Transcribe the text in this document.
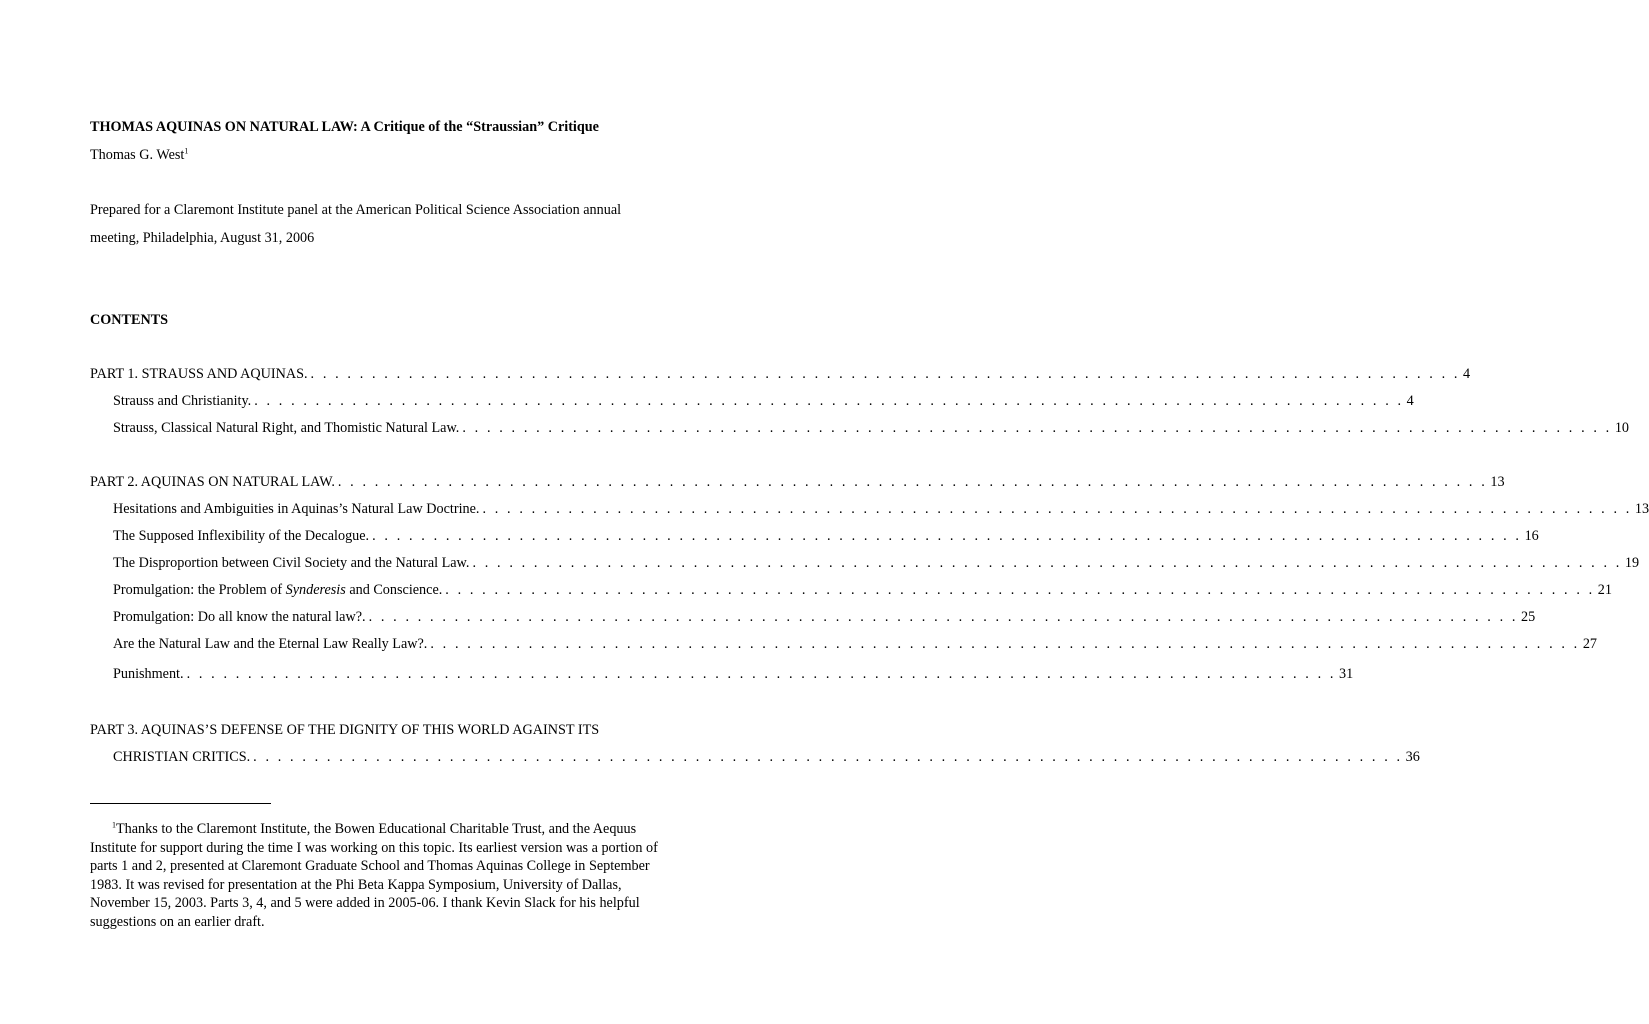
THOMAS AQUINAS ON NATURAL LAW: A Critique of the “Straussian” Critique
Thomas G. West$^1$
Prepared for a Claremont Institute panel at the American Political Science Association annual
meeting, Philadelphia, August 31, 2006
CONTENTS
PART 1. STRAUSS AND AQUINAS. . . . . . . . . . . . . . . . . . . . . . . . . . . . . . . . . . . . . . . . . . . . . . . . . . . . . . . . . . . . . . . . . . . . . . . . . . . . . . . . . . . . . . . . . . . . . . . 4
Strauss and Christianity. . . . . . . . . . . . . . . . . . . . . . . . . . . . . . . . . . . . . . . . . . . . . . . . . . . . . . . . . . . . . . . . . . . . . . . . . . . . . . . . . . . . . . . . . . . . . . . 4
Strauss, Classical Natural Right, and Thomistic Natural Law. . . . . . . . . . . . . . . . . . . . . . . . . . . . . . . . . . . . . . . . . . . . . . . . . . . . . . . . . . . . . . . . . . . . . . . . . . . . . . . . . . . . . . . . . . . . . . . 10
PART 2. AQUINAS ON NATURAL LAW. . . . . . . . . . . . . . . . . . . . . . . . . . . . . . . . . . . . . . . . . . . . . . . . . . . . . . . . . . . . . . . . . . . . . . . . . . . . . . . . . . . . . . . . . . . . . . . 13
Hesitations and Ambiguities in Aquinas’s Natural Law Doctrine. . . . . . . . . . . . . . . . . . . . . . . . . . . . . . . . . . . . . . . . . . . . . . . . . . . . . . . . . . . . . . . . . . . . . . . . . . . . . . . . . . . . . . . . . . . . . . . 13
The Supposed Inflexibility of the Decalogue. . . . . . . . . . . . . . . . . . . . . . . . . . . . . . . . . . . . . . . . . . . . . . . . . . . . . . . . . . . . . . . . . . . . . . . . . . . . . . . . . . . . . . . . . . . . . . . 16
The Disproportion between Civil Society and the Natural Law. . . . . . . . . . . . . . . . . . . . . . . . . . . . . . . . . . . . . . . . . . . . . . . . . . . . . . . . . . . . . . . . . . . . . . . . . . . . . . . . . . . . . . . . . . . . . . . 19
Promulgation: the Problem of Synderesis and Conscience. . . . . . . . . . . . . . . . . . . . . . . . . . . . . . . . . . . . . . . . . . . . . . . . . . . . . . . . . . . . . . . . . . . . . . . . . . . . . . . . . . . . . . . . . . . . . . . 21
Promulgation: Do all know the natural law?. . . . . . . . . . . . . . . . . . . . . . . . . . . . . . . . . . . . . . . . . . . . . . . . . . . . . . . . . . . . . . . . . . . . . . . . . . . . . . . . . . . . . . . . . . . . . . . 25
Are the Natural Law and the Eternal Law Really Law?. . . . . . . . . . . . . . . . . . . . . . . . . . . . . . . . . . . . . . . . . . . . . . . . . . . . . . . . . . . . . . . . . . . . . . . . . . . . . . . . . . . . . . . . . . . . . . . 27
Punishment. . . . . . . . . . . . . . . . . . . . . . . . . . . . . . . . . . . . . . . . . . . . . . . . . . . . . . . . . . . . . . . . . . . . . . . . . . . . . . . . . . . . . . . . . . . . . . . 31
PART 3. AQUINAS’S DEFENSE OF THE DIGNITY OF THIS WORLD AGAINST ITS
CHRISTIAN CRITICS. . . . . . . . . . . . . . . . . . . . . . . . . . . . . . . . . . . . . . . . . . . . . . . . . . . . . . . . . . . . . . . . . . . . . . . . . . . . . . . . . . . . . . . . . . . . . . . 36
$^1$Thanks to the Claremont Institute, the Bowen Educational Charitable Trust, and the Aequus Institute for support during the time I was working on this topic. Its earliest version was a portion of parts 1 and 2, presented at Claremont Graduate School and Thomas Aquinas College in September 1983. It was revised for presentation at the Phi Beta Kappa Symposium, University of Dallas, November 15, 2003. Parts 3, 4, and 5 were added in 2005-06. I thank Kevin Slack for his helpful suggestions on an earlier draft.
